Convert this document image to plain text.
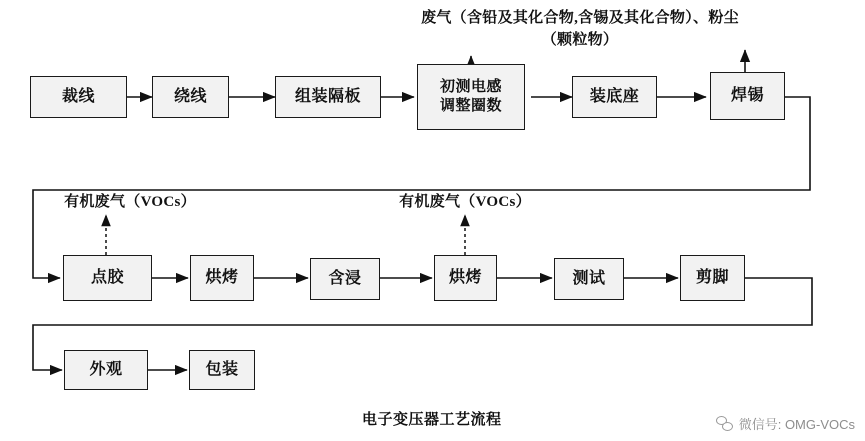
废气（含铅及其化合物,含锡及其化合物）、粉尘（颗粒物）
有机废气（VOCs）	有机废气（VOCs）
裁线	绕线	组装隔板
初测电感
调整圈数
装底座	焊锡
点胶	烘烤	含浸	烘烤	测试	剪脚
外观	包装
电子变压器工艺流程	微信号: OMG-VOCs
